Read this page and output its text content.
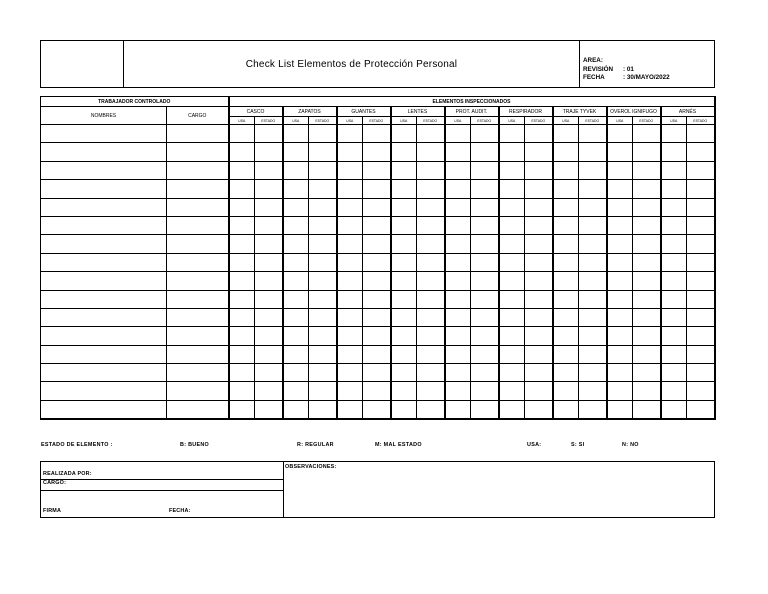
Check List Elementos de Protección Personal	AREA:
REVISIÓN	: 01
FECHA	: 30/MAYO/2022
TRABAJADOR CONTROLADO		ELEMENTOS INSPECCIONADOS																	
NOMBRES	CARGO	CASCO		ZAPATOS		GUANTES		LENTES		PROT. AUDIT.		RESPIRADOR		TRAJE TYVEK		OVEROL IGNIFUGO		ARNÉS	
		USA	ESTADO	USA	ESTADO	USA	ESTADO	USA	ESTADO	USA	ESTADO	USA	ESTADO	USA	ESTADO	USA	ESTADO	USA	ESTADO

ESTADO DE ELEMENTO :	B: BUENO	R: REGULAR	M: MAL ESTADO	USA:	S: SI	N: NO
REALIZADA POR:
CARGO:
FIRMA	FECHA:
OBSERVACIONES:
